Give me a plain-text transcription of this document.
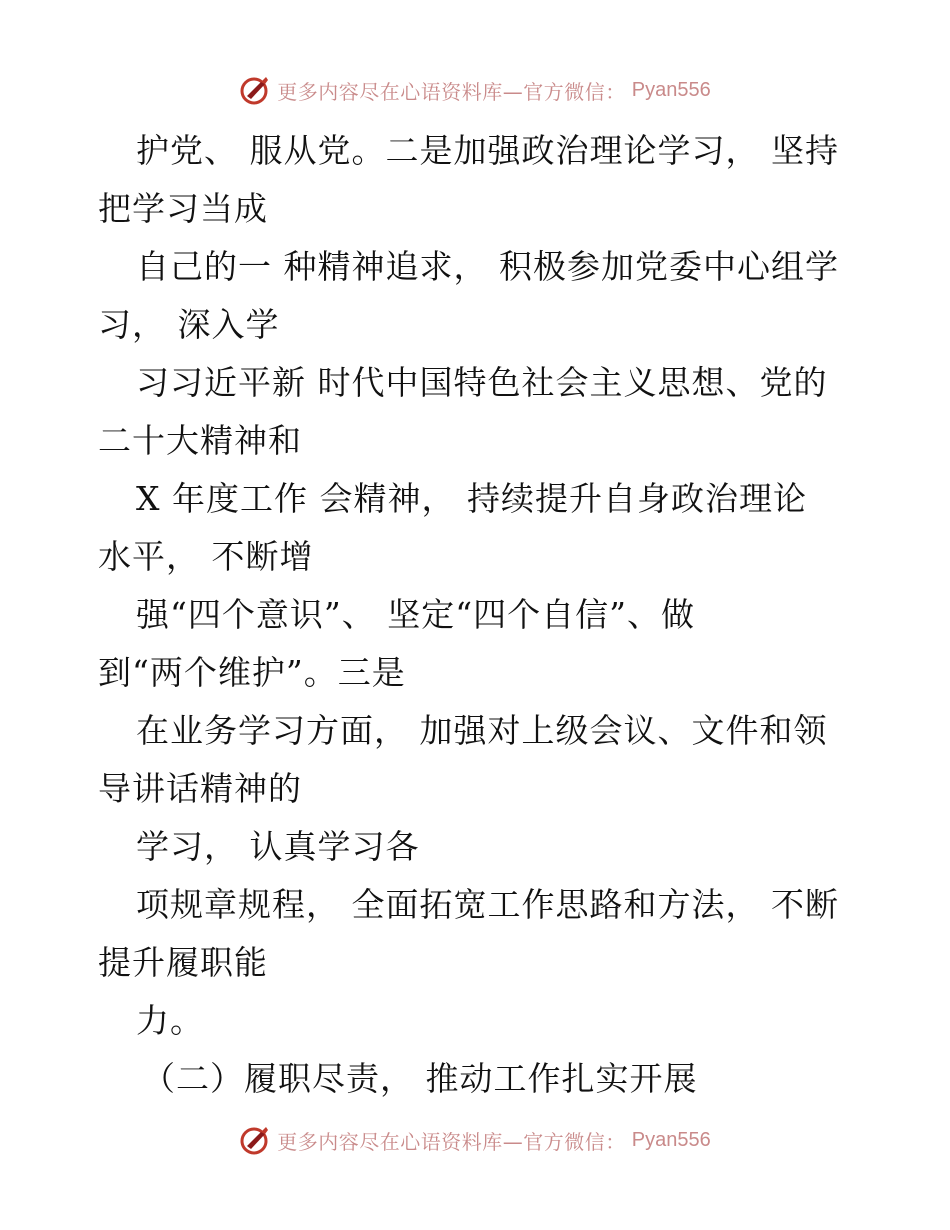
更多内容尽在心语资料库—官方微信： Pyan556
护党、 服从党。二是加强政治理论学习， 坚持
把学习当成
自己的一 种精神追求， 积极参加党委中心组学
习， 深入学
习习近平新 时代中国特色社会主义思想、党的
二十大精神和
X 年度工作 会精神， 持续提升自身政治理论
水平， 不断增
强“四个意识”、 坚定“四个自信”、做
到“两个维护”。三是
在业务学习方面， 加强对上级会议、文件和领
导讲话精神的
学习， 认真学习各
项规章规程， 全面拓宽工作思路和方法， 不断
提升履职能
力。
（二）履职尽责， 推动工作扎实开展
更多内容尽在心语资料库—官方微信： Pyan556
